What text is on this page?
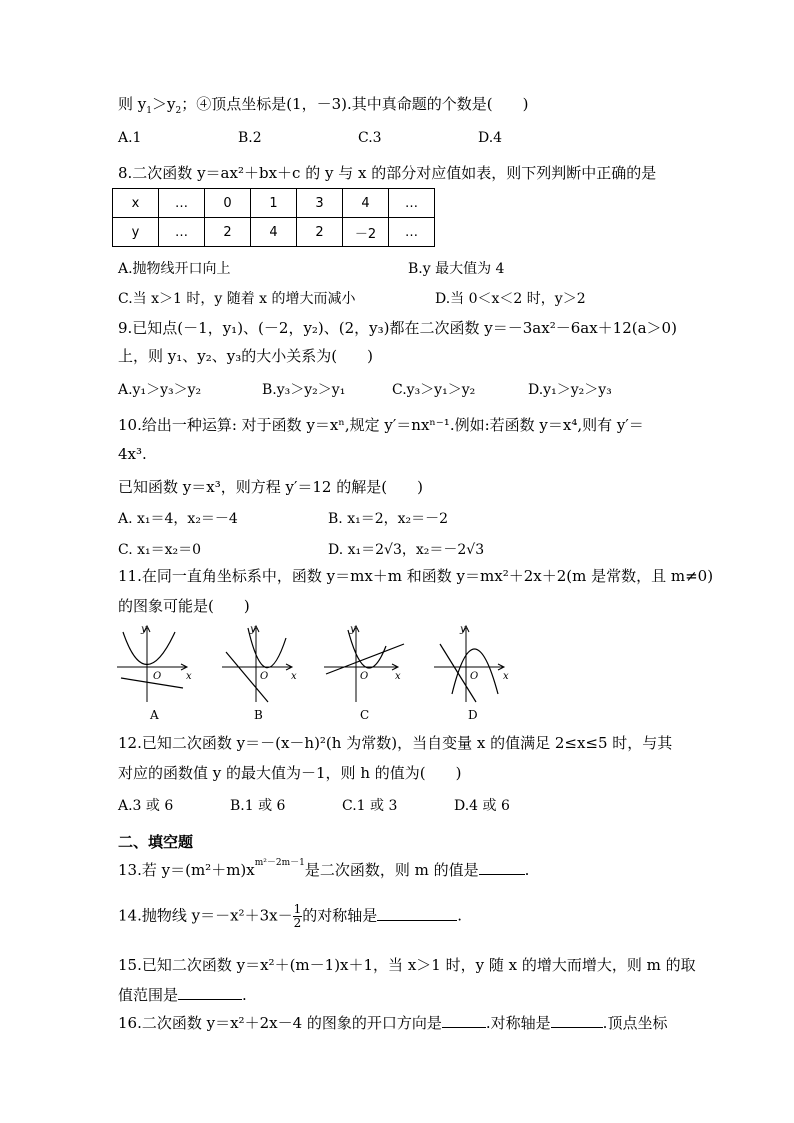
则 $y_1>y_2$；④顶点坐标是(1，－3).其中真命题的个数是(　　)
A.1	B.2	C.3	D.4
8.二次函数 y＝ax²＋bx＋c 的 y 与 x 的部分对应值如表，则下列判断中正确的是
x	…	0	1	3	4	…
y	…	2	4	2	－2	…
A.抛物线开口向上	B.y 最大值为 4
C.当 x＞1 时，y 随着 x 的增大而减小	D.当 0＜x＜2 时，y＞2
9.已知点(－1，y₁)、(－2，y₂)、(2，y₃)都在二次函数 y＝－3ax²－6ax＋12(a＞0)
上，则 y₁、y₂、y₃的大小关系为(　　)
A.y₁＞y₃＞y₂	B.y₃＞y₂＞y₁	C.y₃＞y₁＞y₂	D.y₁＞y₂＞y₃
10.给出一种运算: 对于函数 y＝xⁿ,规定 y′＝nxⁿ⁻¹.例如:若函数 y＝x⁴,则有 y′＝
4x³.
已知函数 y＝x³，则方程 y′＝12 的解是(　　)
A. x₁＝4，x₂＝－4	B. x₁＝2，x₂＝－2
C. x₁＝x₂＝0	D. x₁＝2√3，x₂＝－2√3
11.在同一直角坐标系中，函数 y＝mx＋m 和函数 y＝mx²＋2x＋2(m 是常数，且 m≠0)
的图象可能是(　　)
y
x
O
A
y
x
O
B
y
x
O
C
y
x
O
D
12.已知二次函数 y＝－(x－h)²(h 为常数)，当自变量 x 的值满足 2≤x≤5 时，与其
对应的函数值 y 的最大值为－1，则 h 的值为(　　)
A.3 或 6	B.1 或 6	C.1 或 3	D.4 或 6
二、填空题
13.若 $y=(m^2+m)x^{m^2-2m-1}$是二次函数，则 m 的值是	.
14.抛物线 $y=-x^2+3x- \frac{1}{2}$ 的对称轴是	.
15.已知二次函数 y＝x²＋(m－1)x＋1，当 x＞1 时，y 随 x 的增大而增大，则 m 的取
值范围是	.
16.二次函数 y＝x²＋2x－4 的图象的开口方向是	.对称轴是	.顶点坐标
